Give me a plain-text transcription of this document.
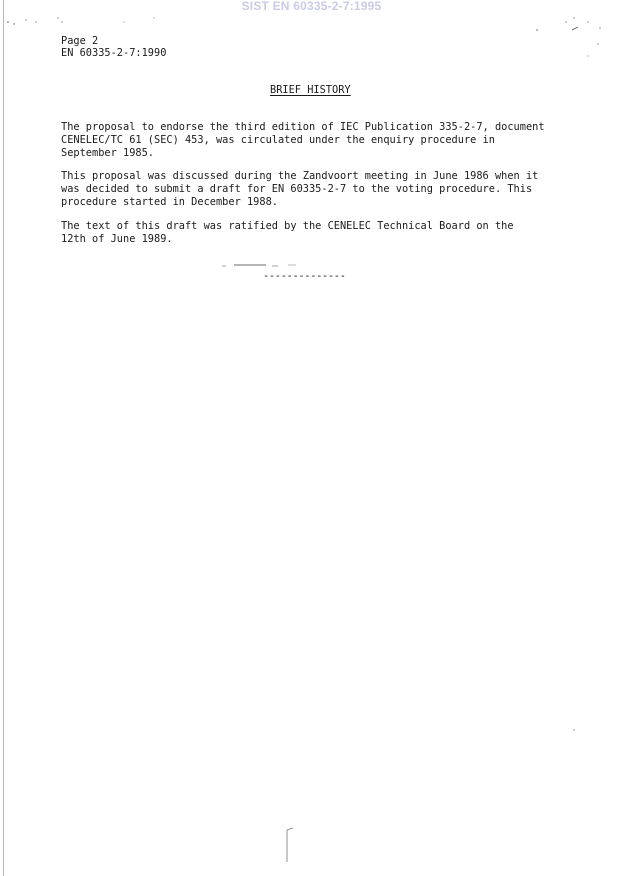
SIST EN 60335-2-7:1995
Page 2
EN 60335-2-7:1990
BRIEF HISTORY
The proposal to endorse the third edition of IEC Publication 335-2-7, document
CENELEC/TC 61 (SEC) 453, was circulated under the enquiry procedure in
September 1985.
This proposal was discussed during the Zandvoort meeting in June 1986 when it
was decided to submit a draft for EN 60335-2-7 to the voting procedure. This
procedure started in December 1988.
The text of this draft was ratified by the CENELEC Technical Board on the
12th of June 1989.
--------------
